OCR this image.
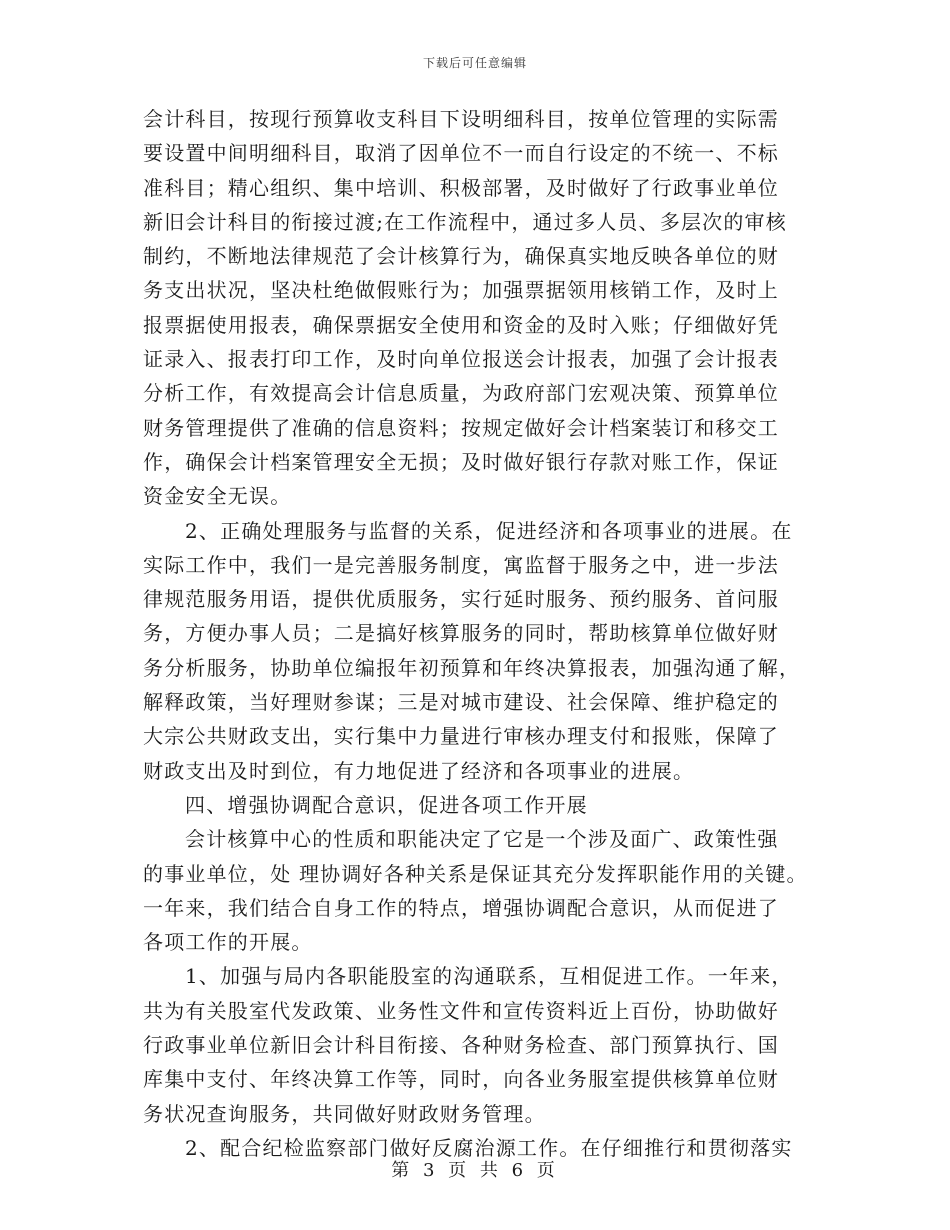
下载后可任意编辑
会计科目，按现行预算收支科目下设明细科目，按单位管理的实际需
要设置中间明细科目，取消了因单位不一而自行设定的不统一、不标
准科目；精心组织、集中培训、积极部署，及时做好了行政事业单位
新旧会计科目的衔接过渡;在工作流程中，通过多人员、多层次的审核
制约，不断地法律规范了会计核算行为，确保真实地反映各单位的财
务支出状况，坚决杜绝做假账行为；加强票据领用核销工作，及时上
报票据使用报表，确保票据安全使用和资金的及时入账；仔细做好凭
证录入、报表打印工作，及时向单位报送会计报表，加强了会计报表
分析工作，有效提高会计信息质量，为政府部门宏观决策、预算单位
财务管理提供了准确的信息资料；按规定做好会计档案装订和移交工
作，确保会计档案管理安全无损；及时做好银行存款对账工作，保证
资金安全无误。
2、正确处理服务与监督的关系，促进经济和各项事业的进展。在
实际工作中，我们一是完善服务制度，寓监督于服务之中，进一步法
律规范服务用语，提供优质服务，实行延时服务、预约服务、首问服
务，方便办事人员；二是搞好核算服务的同时，帮助核算单位做好财
务分析服务，协助单位编报年初预算和年终决算报表，加强沟通了解，
解释政策，当好理财参谋；三是对城市建设、社会保障、维护稳定的
大宗公共财政支出，实行集中力量进行审核办理支付和报账，保障了
财政支出及时到位，有力地促进了经济和各项事业的进展。
四、增强协调配合意识，促进各项工作开展
会计核算中心的性质和职能决定了它是一个涉及面广、政策性强
的事业单位，处 理协调好各种关系是保证其充分发挥职能作用的关键。
一年来，我们结合自身工作的特点，增强协调配合意识，从而促进了
各项工作的开展。
1、加强与局内各职能股室的沟通联系，互相促进工作。一年来，
共为有关股室代发政策、业务性文件和宣传资料近上百份，协助做好
行政事业单位新旧会计科目衔接、各种财务检查、部门预算执行、国
库集中支付、年终决算工作等，同时，向各业务服室提供核算单位财
务状况查询服务，共同做好财政财务管理。
2、配合纪检监察部门做好反腐治源工作。在仔细推行和贯彻落实
第 3 页 共 6 页
